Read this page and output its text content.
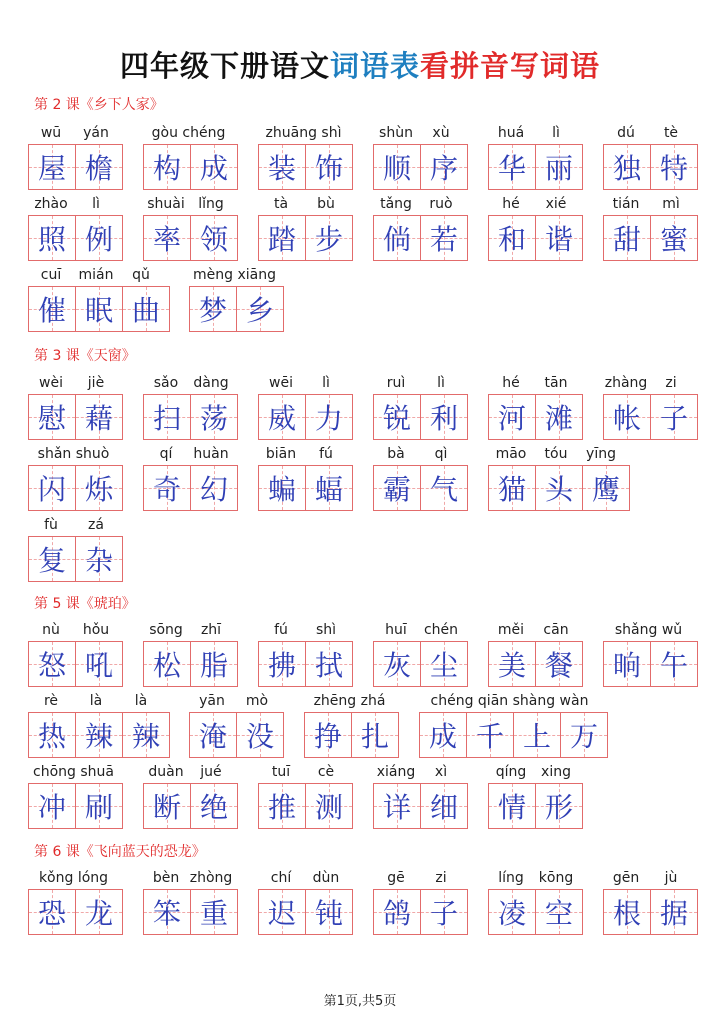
四年级下册语文词语表看拼音写词语
第 2 课《乡下人家》
wū	yán
屋 檐
gòu chéng
构 成
zhuāng shì
装 饰
shùn	xù
顺 序
huá	lì
华 丽
dú	tè
独 特
zhào	lì
照 例
shuài lǐng
率 领
tà	bù
踏 步
tǎng	ruò
倘 若
hé	xié
和 谐
tián	mì
甜 蜜
cuī	mián	qǔ
催 眠 曲
mèng xiāng
梦 乡
第 3 课《天窗》
wèi	jiè
慰 藉
sǎo	dàng
扫 荡
wēi	lì
威 力
ruì	lì
锐 利
hé	tān
河 滩
zhàng	zi
帐 子
shǎn shuò
闪 烁
qí	huàn
奇 幻
biān	fú
蝙 蝠
bà	qì
霸 气
māo	tóu	yīng
猫 头 鹰
fù	zá
复 杂
第 5 课《琥珀》
nù	hǒu
怒 吼
sōng	zhī
松 脂
fú	shì
拂 拭
huī	chén
灰 尘
měi	cān
美 餐
shǎng wǔ
晌 午
rè	là	là
热 辣 辣
yān	mò
淹 没
zhēng zhá
挣 扎
chéng qiān shàng wàn
成 千 上 万
chōng shuā
冲 刷
duàn	jué
断 绝
tuī	cè
推 测
xiáng	xì
详 细
qíng	xing
情 形
第 6 课《飞向蓝天的恐龙》
kǒng lóng
恐 龙
bèn zhòng
笨 重
chí	dùn
迟 钝
gē	zi
鸽 子
líng	kōng
凌 空
gēn	jù
根 据
第1页,共5页
